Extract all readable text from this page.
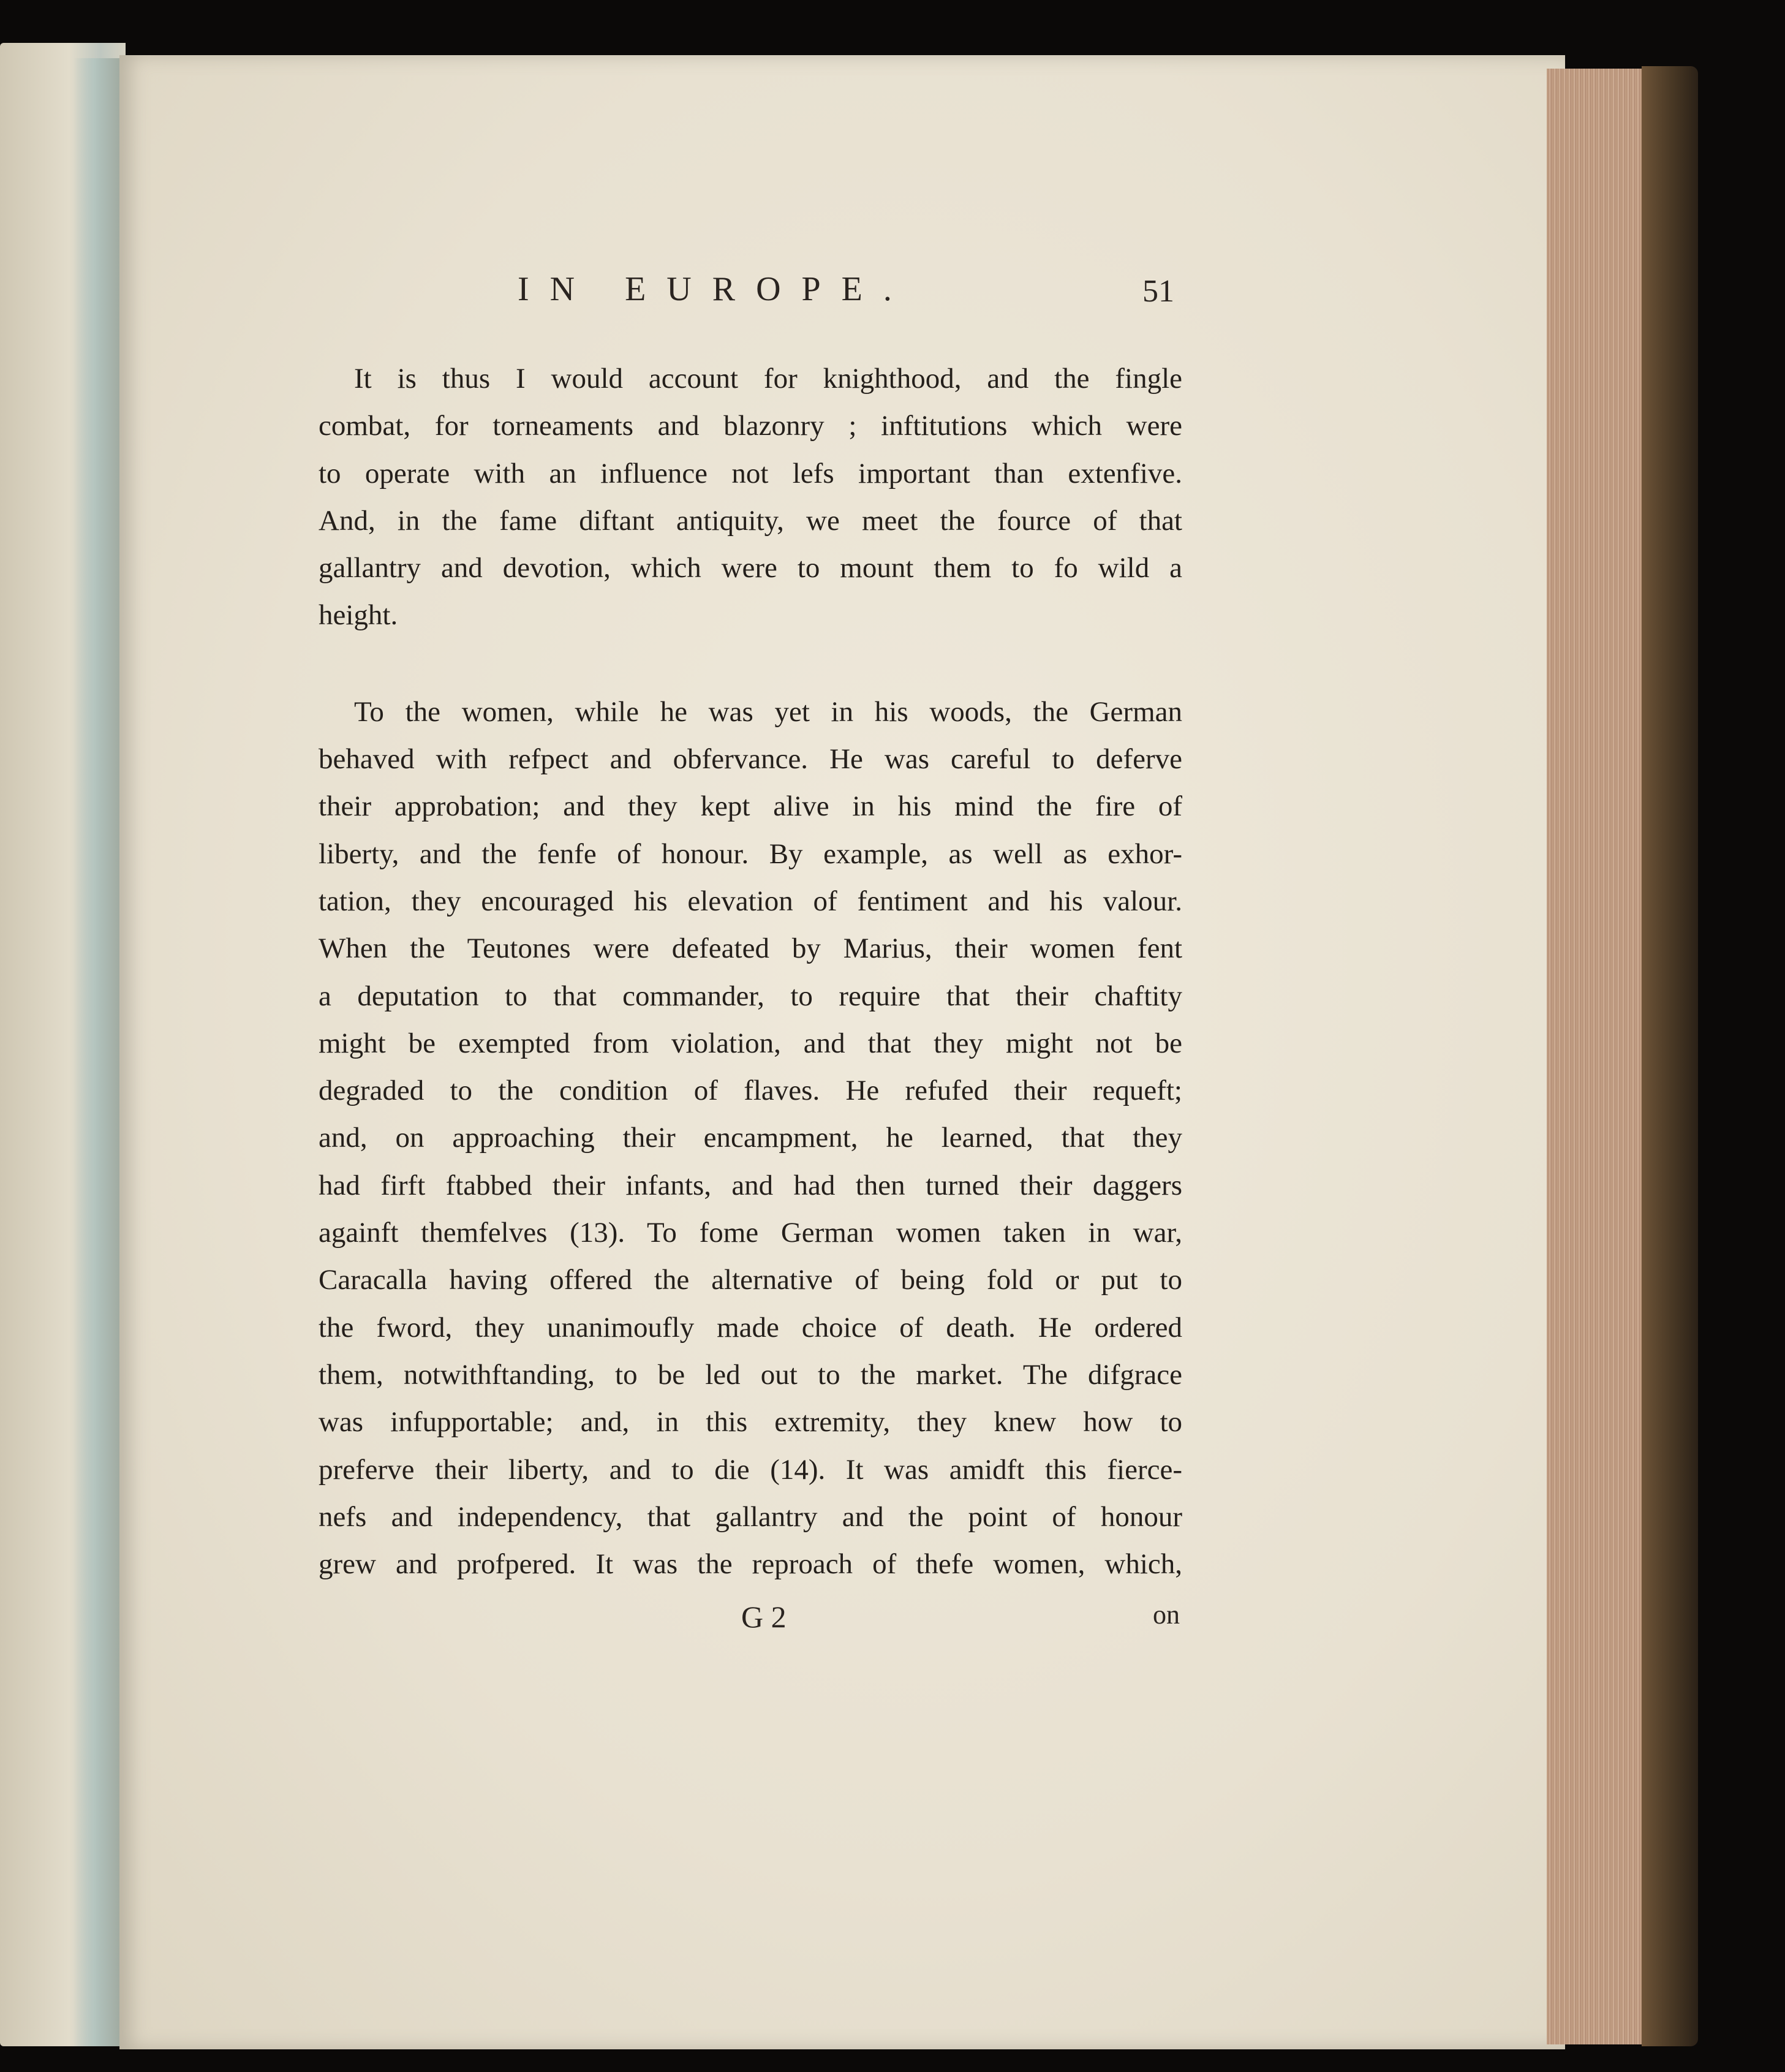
IN EUROPE.	51
It is thus I would account for knighthood, and the fingle
combat, for torneaments and blazonry ; inftitutions which were
to operate with an influence not lefs important than extenfive.
And, in the fame diftant antiquity, we meet the fource of that
gallantry and devotion, which were to mount them to fo wild a
height.
To the women, while he was yet in his woods, the German
behaved with refpect and obfervance. He was careful to deferve
their approbation; and they kept alive in his mind the fire of
liberty, and the fenfe of honour. By example, as well as exhor-
tation, they encouraged his elevation of fentiment and his valour.
When the Teutones were defeated by Marius, their women fent
a deputation to that commander, to require that their chaftity
might be exempted from violation, and that they might not be
degraded to the condition of flaves. He refufed their requeft;
and, on approaching their encampment, he learned, that they
had firft ftabbed their infants, and had then turned their daggers
againft themfelves (13). To fome German women taken in war,
Caracalla having offered the alternative of being fold or put to
the fword, they unanimoufly made choice of death. He ordered
them, notwithftanding, to be led out to the market. The difgrace
was infupportable; and, in this extremity, they knew how to
preferve their liberty, and to die (14). It was amidft this fierce-
nefs and independency, that gallantry and the point of honour
grew and profpered. It was the reproach of thefe women, which,
G 2	on
